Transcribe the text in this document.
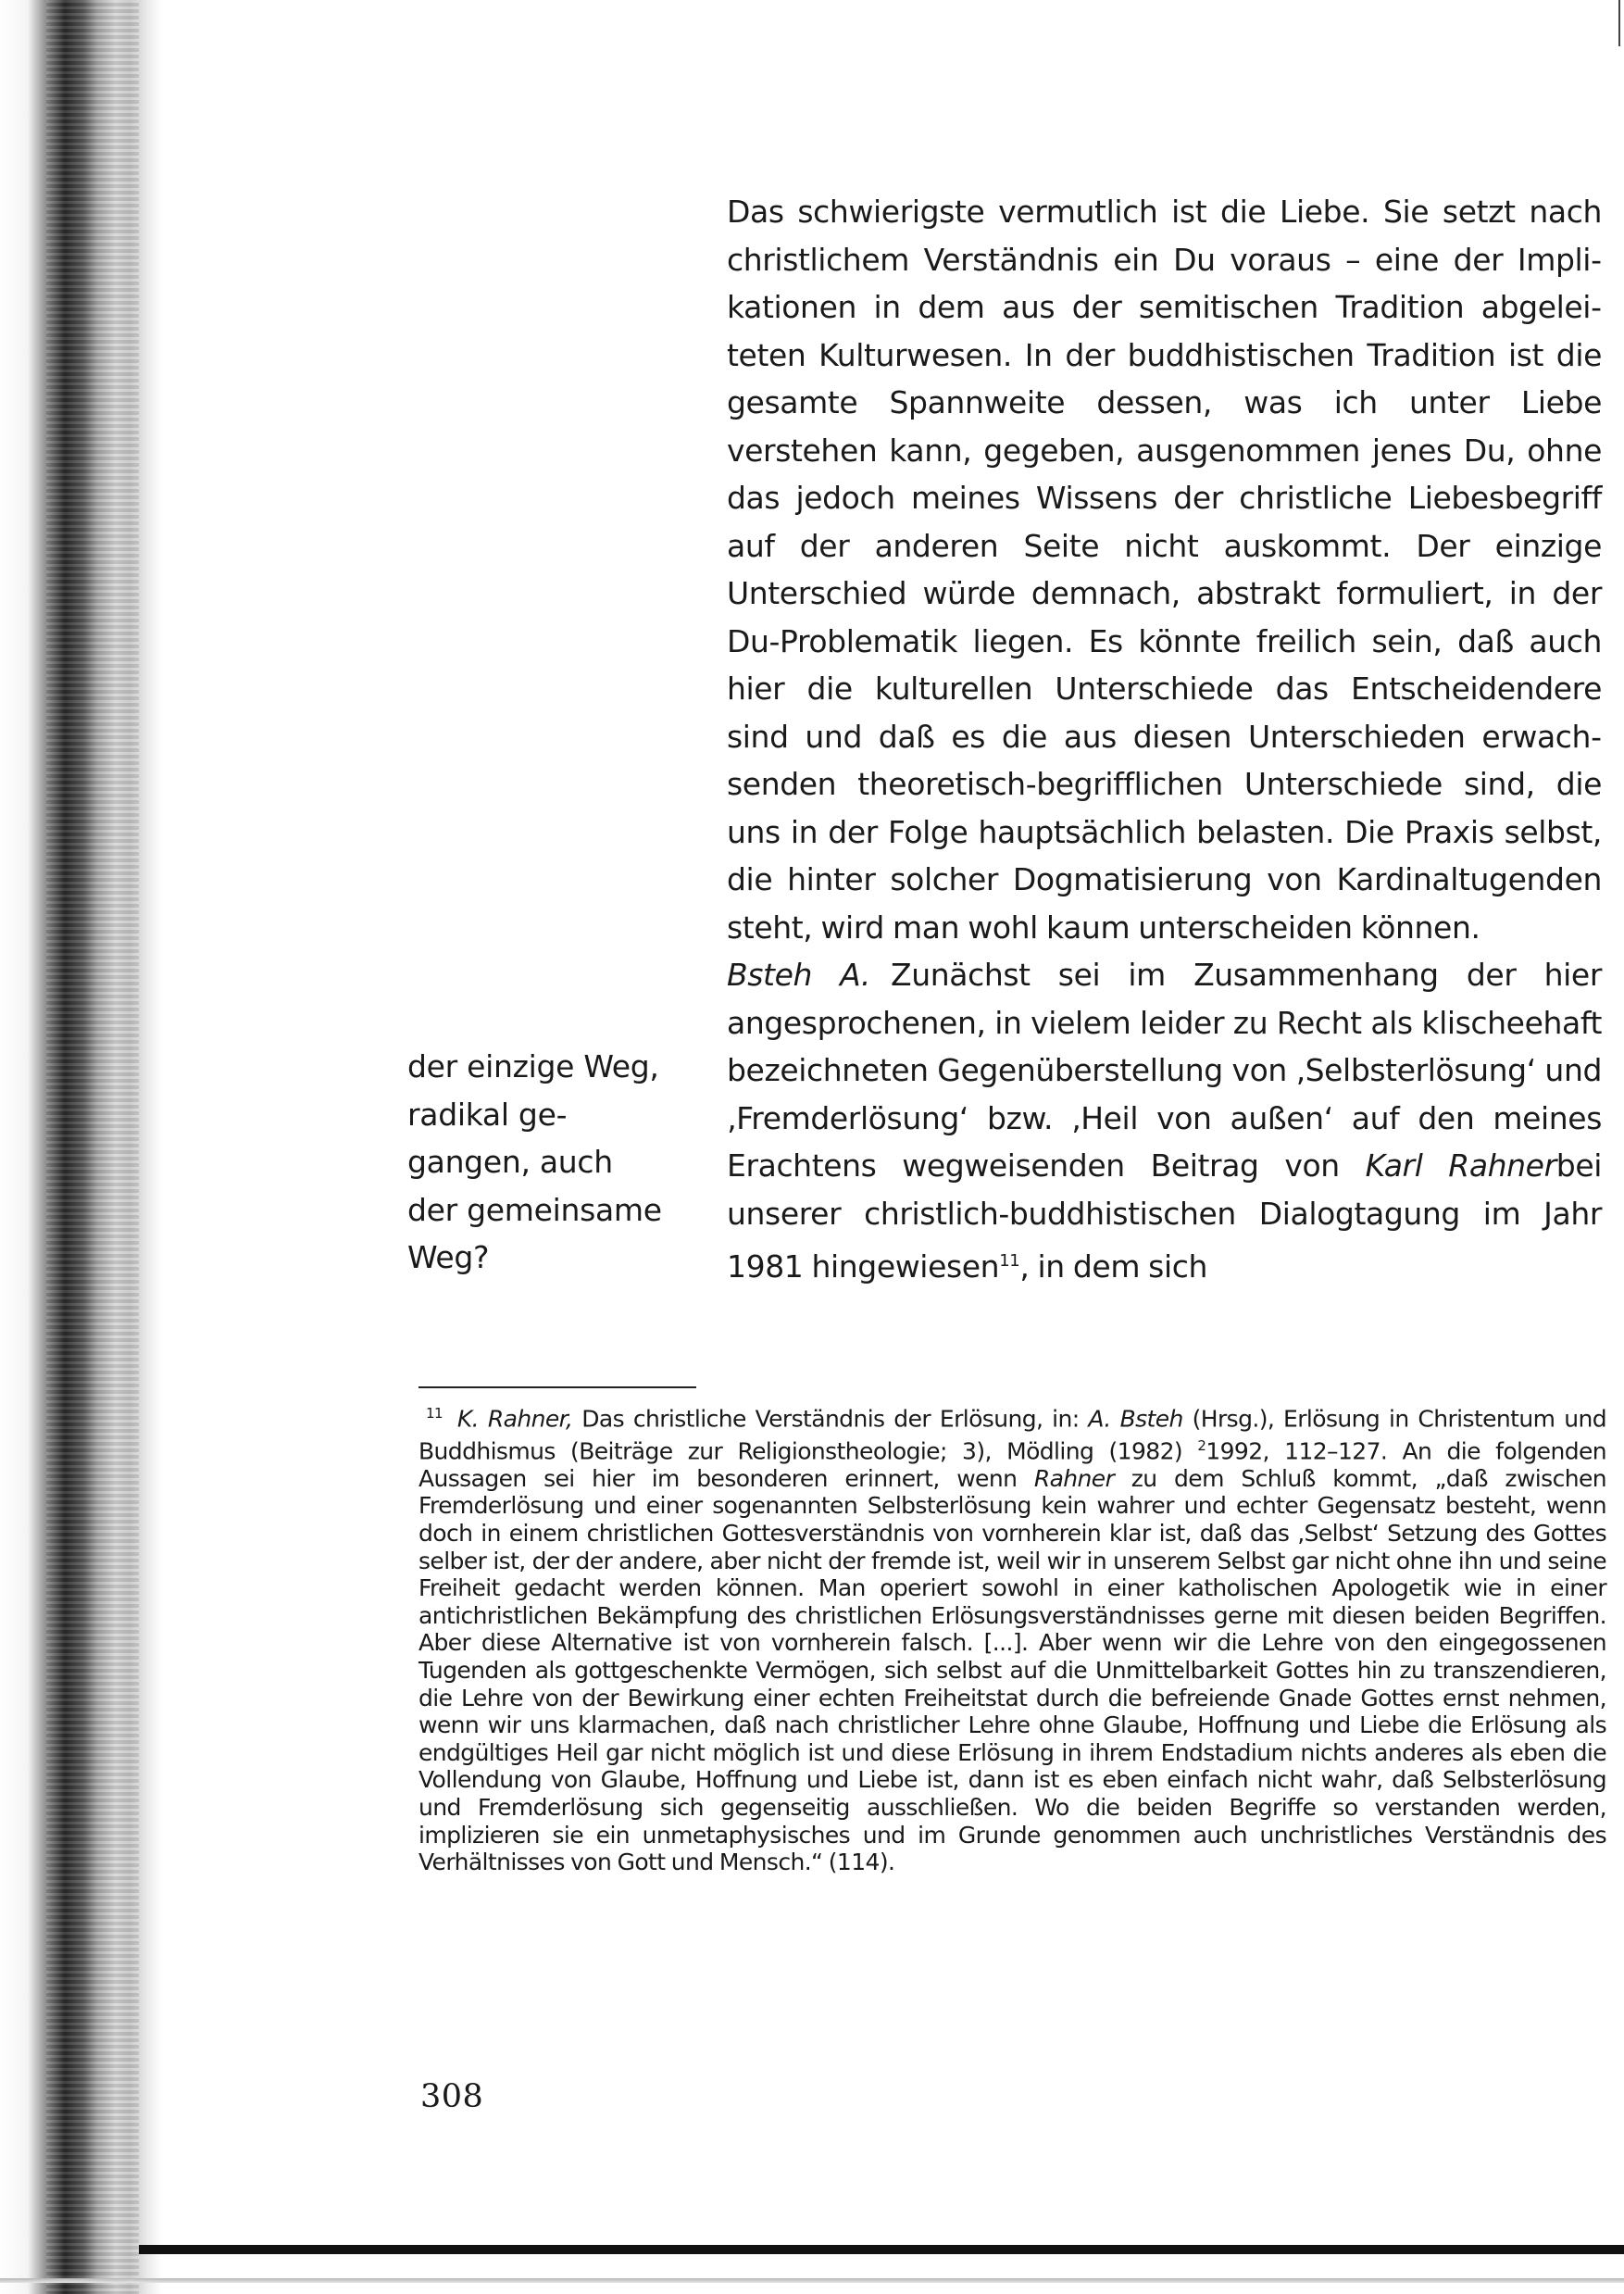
Das schwierigste vermutlich ist die Liebe. Sie setzt nach christlichem Verständnis ein Du voraus – eine der Implikationen in dem aus der semitischen Tradition abgeleiteten Kulturwesen. In der buddhistischen Tradition ist die gesamte Spannweite dessen, was ich unter Liebe verstehen kann, gegeben, ausgenommen jenes Du, ohne das jedoch meines Wissens der christliche Liebesbegriff auf der anderen Seite nicht auskommt. Der einzige Unterschied würde demnach, abstrakt formuliert, in der Du-Problematik liegen. Es könnte freilich sein, daß auch hier die kulturellen Unterschiede das Entscheidendere sind und daß es die aus diesen Unterschieden erwachsenden theoretisch-begrifflichen Unterschiede sind, die uns in der Folge hauptsächlich belasten. Die Praxis selbst, die hinter solcher Dogmatisierung von Kardinaltugenden steht, wird man wohl kaum unterscheiden können.

Bsteh A. Zunächst sei im Zusammenhang der hier angesprochenen, in vielem leider zu Recht als klischeehaft bezeichneten Gegenüberstellung von ‚Selbsterlösung‘ und ‚Fremderlösung‘ bzw. ‚Heil von außen‘ auf den meines Erachtens wegweisenden Beitrag von Karl Rahnerbei unserer christlich-buddhistischen Dialogtagung im Jahr 1981 hingewiesen$^{11}$, in dem sich

der einzige Weg,
radikal ge-
gangen, auch
der gemeinsame
Weg?
$^{11}$ K. Rahner, Das christliche Verständnis der Erlösung, in: A. Bsteh (Hrsg.), Erlösung in Christentum und Buddhismus (Beiträge zur Religionstheologie; 3), Mödling (1982) $^2$1992, 112–127. An die folgenden Aussagen sei hier im besonderen erinnert, wenn Rahner zu dem Schluß kommt, „daß zwischen Fremderlösung und einer sogenannten Selbsterlösung kein wahrer und echter Gegensatz besteht, wenn doch in einem christlichen Gottesverständnis von vornherein klar ist, daß das ‚Selbst‘ Setzung des Gottes selber ist, der der andere, aber nicht der fremde ist, weil wir in unserem Selbst gar nicht ohne ihn und seine Freiheit gedacht werden können. Man operiert sowohl in einer katholischen Apologetik wie in einer antichristlichen Bekämpfung des christlichen Erlösungsverständnisses gerne mit diesen beiden Begriffen. Aber diese Alternative ist von vornherein falsch. [...]. Aber wenn wir die Lehre von den eingegossenen Tugenden als gottgeschenkte Vermögen, sich selbst auf die Unmittelbarkeit Gottes hin zu transzendieren, die Lehre von der Bewirkung einer echten Freiheitstat durch die befreiende Gnade Gottes ernst nehmen, wenn wir uns klarmachen, daß nach christlicher Lehre ohne Glaube, Hoffnung und Liebe die Erlösung als endgültiges Heil gar nicht möglich ist und diese Erlösung in ihrem Endstadium nichts anderes als eben die Vollendung von Glaube, Hoffnung und Liebe ist, dann ist es eben einfach nicht wahr, daß Selbsterlösung und Fremderlösung sich gegenseitig ausschließen. Wo die beiden Begriffe so verstanden werden, implizieren sie ein unmetaphysisches und im Grunde genommen auch unchristliches Verständnis des Verhältnisses von Gott und Mensch.“ (114).
308
